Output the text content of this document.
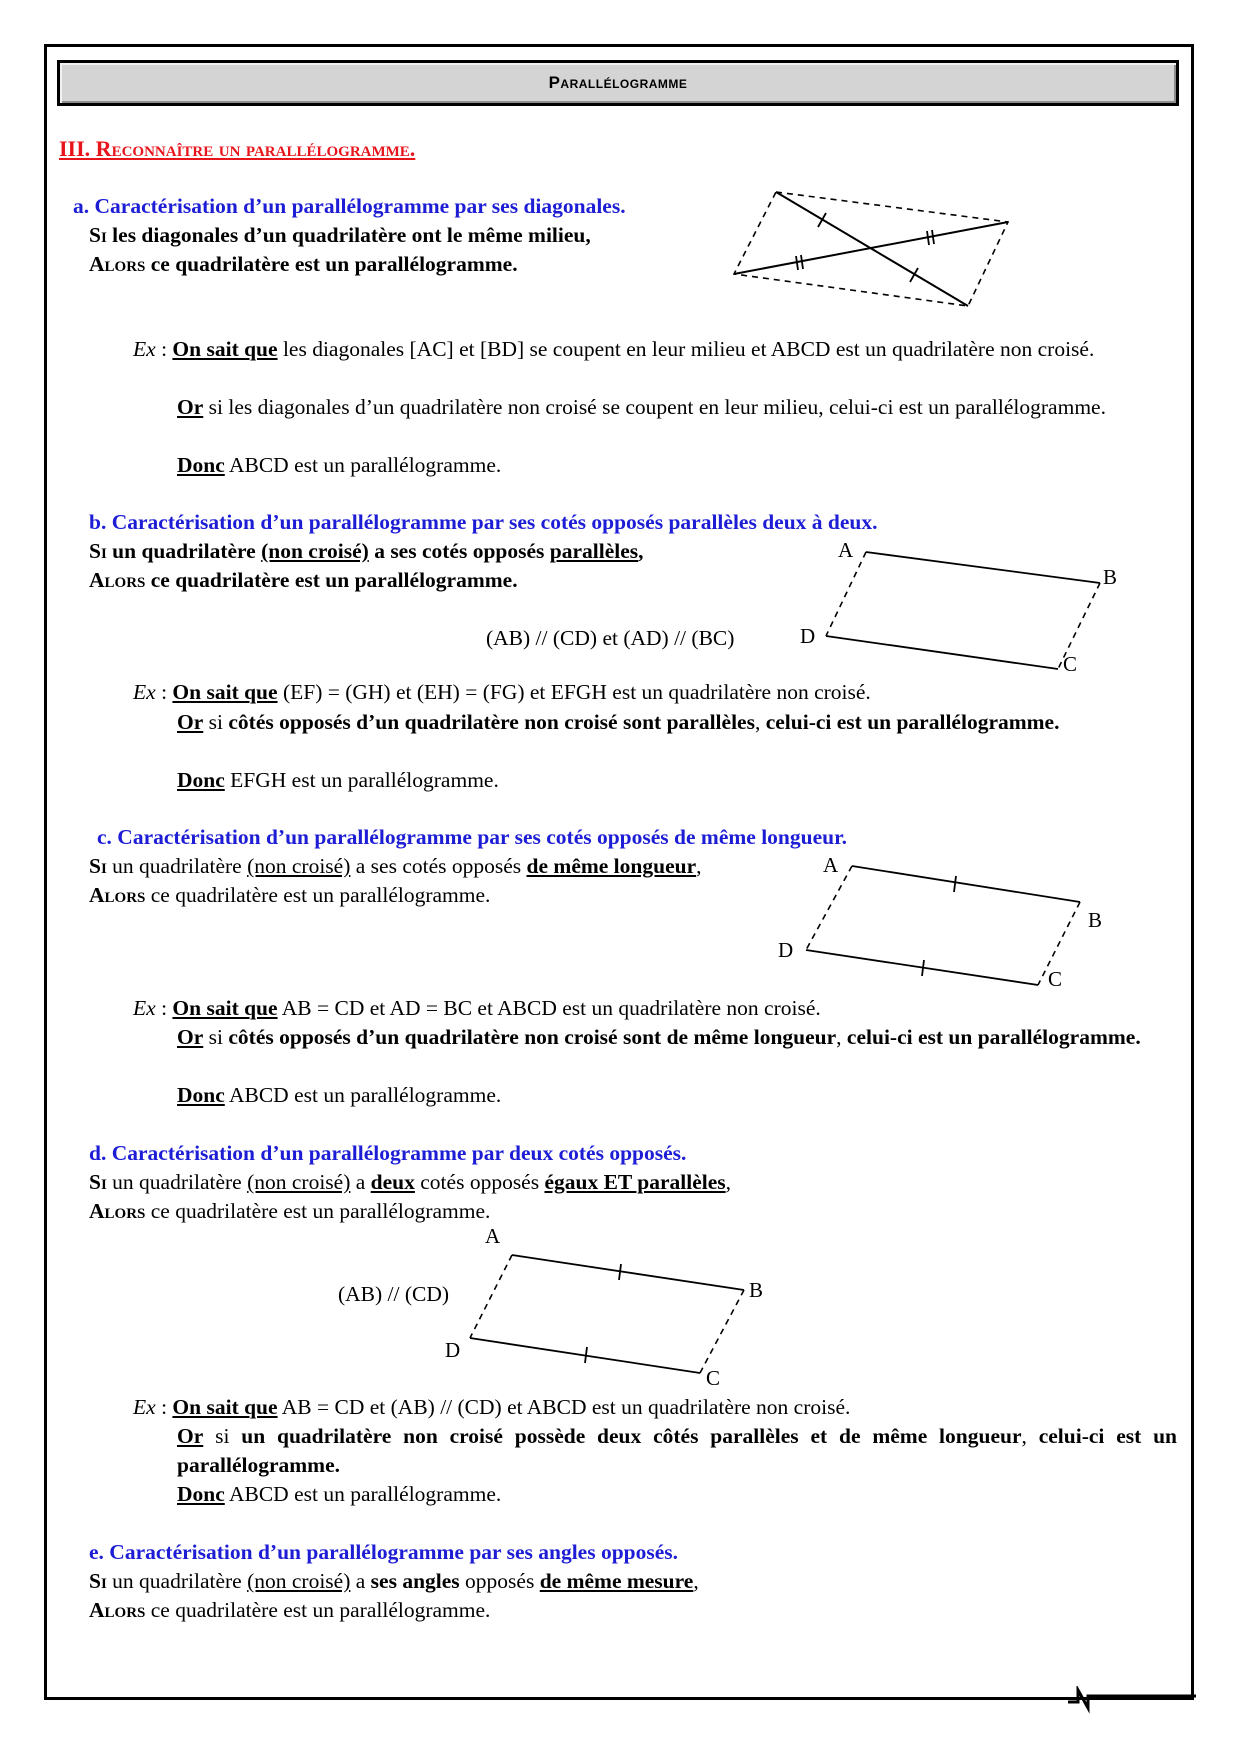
Parallélogramme
III. Reconnaître un parallélogramme.
a. Caractérisation d’un parallélogramme par ses diagonales.
Si les diagonales d’un quadrilatère ont le même milieu,
Alors ce quadrilatère est un parallélogramme.
Ex : On sait que les diagonales [AC] et [BD] se coupent en leur milieu et ABCD est un quadrilatère non croisé.
Or si les diagonales d’un quadrilatère non croisé se coupent en leur milieu, celui-ci est un parallélogramme.
Donc ABCD est un parallélogramme.
b. Caractérisation d’un parallélogramme par ses cotés opposés parallèles deux à deux.
Si un quadrilatère (non croisé) a ses cotés opposés parallèles,
Alors ce quadrilatère est un parallélogramme.
(AB) // (CD) et (AD) // (BC)
A
B
C
D
Ex : On sait que (EF) = (GH) et (EH) = (FG) et EFGH est un quadrilatère non croisé.
Or si côtés opposés d’un quadrilatère non croisé sont parallèles, celui-ci est un parallélogramme.
Donc EFGH est un parallélogramme.
c. Caractérisation d’un parallélogramme par ses cotés opposés de même longueur.
Si un quadrilatère (non croisé) a ses cotés opposés de même longueur,
Alors ce quadrilatère est un parallélogramme.
A
B
C
D
Ex : On sait que AB = CD et AD = BC et ABCD est un quadrilatère non croisé.
Or si côtés opposés d’un quadrilatère non croisé sont de même longueur, celui-ci est un parallélogramme.
Donc ABCD est un parallélogramme.
d. Caractérisation d’un parallélogramme par deux cotés opposés.
Si un quadrilatère (non croisé) a deux cotés opposés égaux ET parallèles,
Alors ce quadrilatère est un parallélogramme.
(AB) // (CD)
A
B
C
D
Ex : On sait que AB = CD et (AB) // (CD) et ABCD est un quadrilatère non croisé.
Or si un quadrilatère non croisé possède deux côtés parallèles et de même longueur, celui-ci est un parallélogramme.
Donc ABCD est un parallélogramme.
e. Caractérisation d’un parallélogramme par ses angles opposés.
Si un quadrilatère (non croisé) a ses angles opposés de même mesure,
Alors ce quadrilatère est un parallélogramme.
